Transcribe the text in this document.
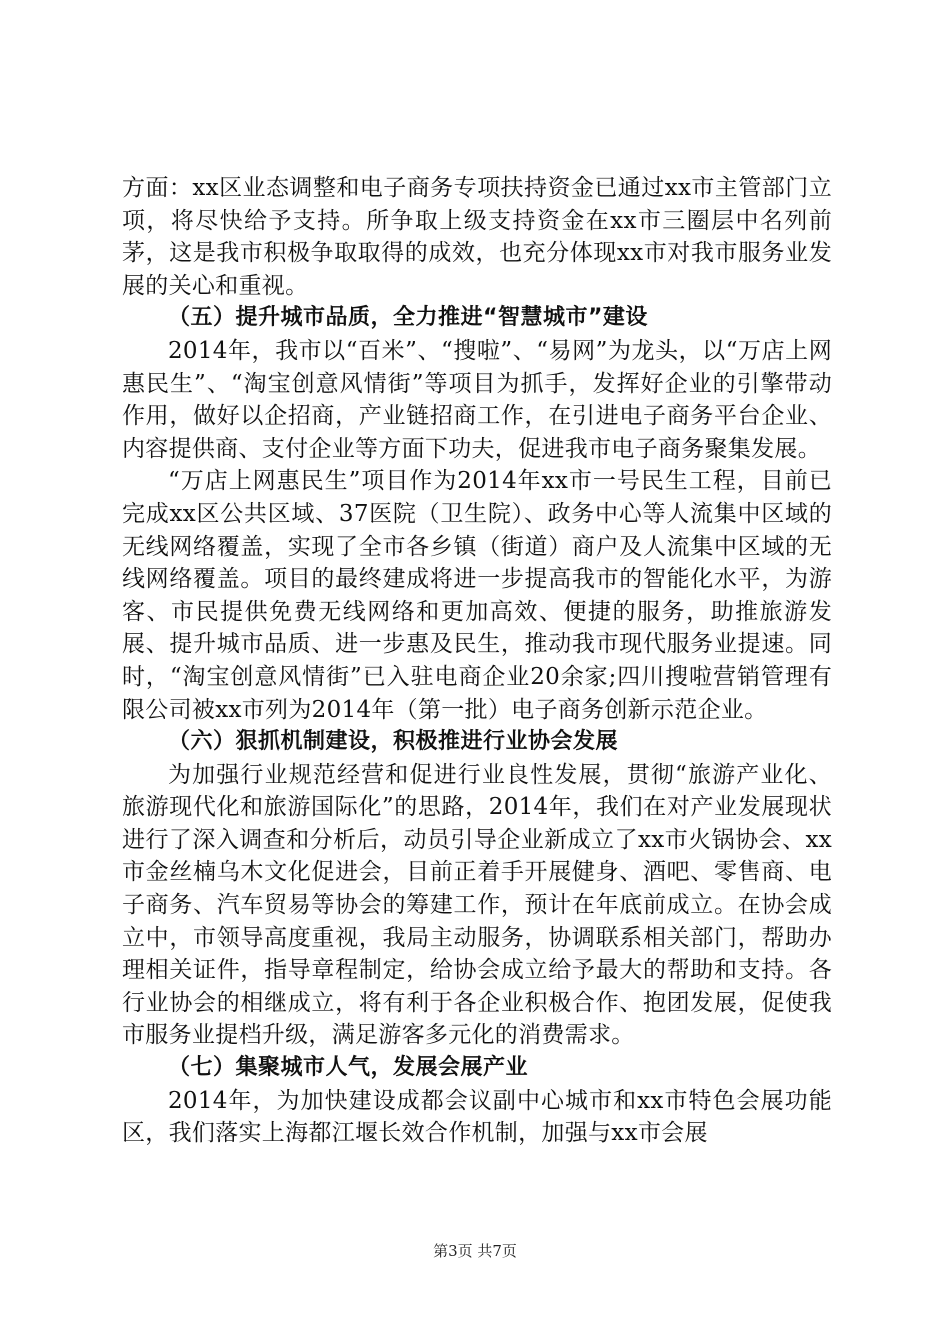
方面：xx区业态调整和电子商务专项扶持资金已通过xx市主管部门立项，将尽快给予支持。所争取上级支持资金在xx市三圈层中名列前茅，这是我市积极争取取得的成效，也充分体现xx市对我市服务业发展的关心和重视。

（五）提升城市品质，全力推进“智慧城市”建设

2014年，我市以“百米”、“搜啦”、“易网”为龙头，以“万店上网惠民生”、“淘宝创意风情街”等项目为抓手，发挥好企业的引擎带动作用，做好以企招商，产业链招商工作，在引进电子商务平台企业、内容提供商、支付企业等方面下功夫，促进我市电子商务聚集发展。

“万店上网惠民生”项目作为2014年xx市一号民生工程，目前已完成xx区公共区域、37医院（卫生院）、政务中心等人流集中区域的无线网络覆盖，实现了全市各乡镇（街道）商户及人流集中区域的无线网络覆盖。项目的最终建成将进一步提高我市的智能化水平，为游客、市民提供免费无线网络和更加高效、便捷的服务，助推旅游发展、提升城市品质、进一步惠及民生，推动我市现代服务业提速。同时，“淘宝创意风情街”已入驻电商企业20余家;四川搜啦营销管理有限公司被xx市列为2014年（第一批）电子商务创新示范企业。

（六）狠抓机制建设，积极推进行业协会发展

为加强行业规范经营和促进行业良性发展，贯彻“旅游产业化、旅游现代化和旅游国际化”的思路，2014年，我们在对产业发展现状进行了深入调查和分析后，动员引导企业新成立了xx市火锅协会、xx市金丝楠乌木文化促进会，目前正着手开展健身、酒吧、零售商、电子商务、汽车贸易等协会的筹建工作，预计在年底前成立。在协会成立中，市领导高度重视，我局主动服务，协调联系相关部门，帮助办理相关证件，指导章程制定，给协会成立给予最大的帮助和支持。各行业协会的相继成立，将有利于各企业积极合作、抱团发展，促使我市服务业提档升级，满足游客多元化的消费需求。

（七）集聚城市人气，发展会展产业

2014年，为加快建设成都会议副中心城市和xx市特色会展功能区，我们落实上海都江堰长效合作机制，加强与xx市会展

第3页 共7页
